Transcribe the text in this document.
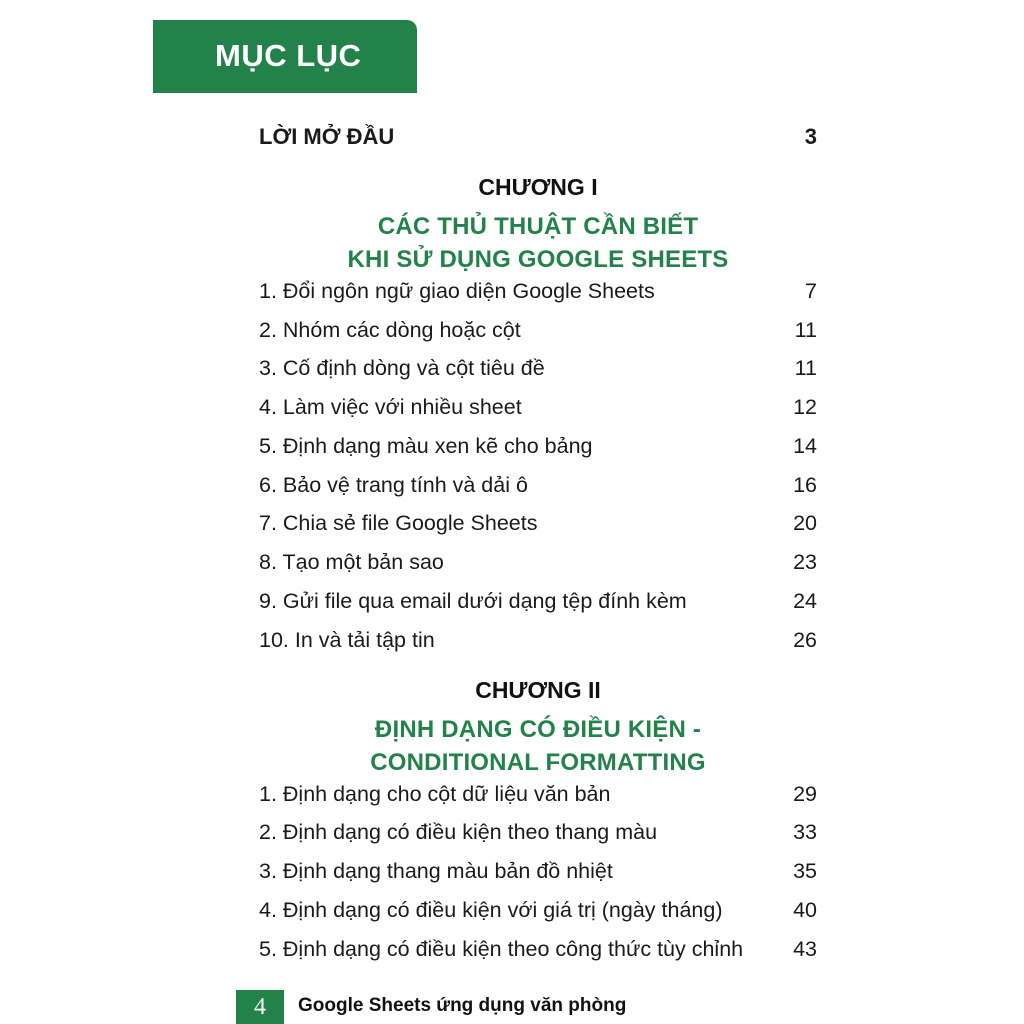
MỤC LỤC
LỜI MỞ ĐẦU	3
CHƯƠNG I
CÁC THỦ THUẬT CẦN BIẾT
KHI SỬ DỤNG GOOGLE SHEETS
1. Đổi ngôn ngữ giao diện Google Sheets	7
2. Nhóm các dòng hoặc cột	11
3. Cố định dòng và cột tiêu đề	11
4. Làm việc với nhiều sheet	12
5. Định dạng màu xen kẽ cho bảng	14
6. Bảo vệ trang tính và dải ô	16
7. Chia sẻ file Google Sheets	20
8. Tạo một bản sao	23
9. Gửi file qua email dưới dạng tệp đính kèm	24
10. In và tải tập tin	26
CHƯƠNG II
ĐỊNH DẠNG CÓ ĐIỀU KIỆN -
CONDITIONAL FORMATTING
1. Định dạng cho cột dữ liệu văn bản	29
2. Định dạng có điều kiện theo thang màu	33
3. Định dạng thang màu bản đồ nhiệt	35
4. Định dạng có điều kiện với giá trị (ngày tháng)	40
5. Định dạng có điều kiện theo công thức tùy chỉnh 43
4	Google Sheets ứng dụng văn phòng
